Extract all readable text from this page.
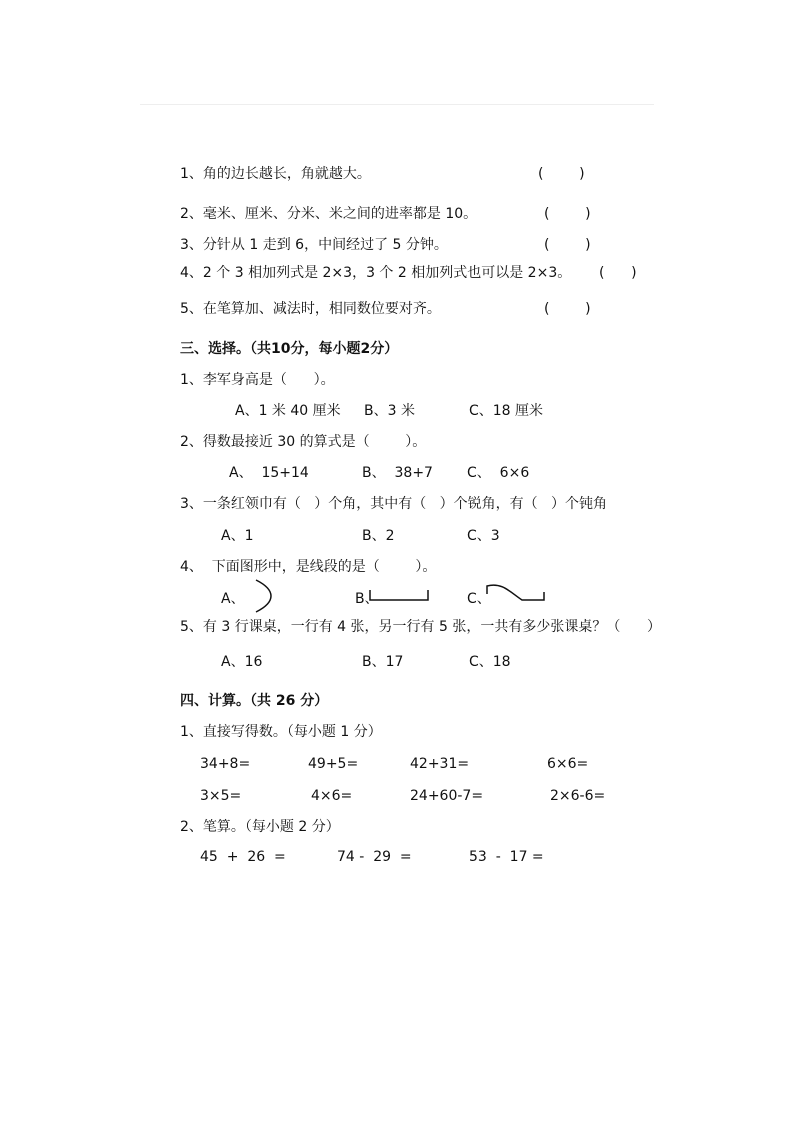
1、角的边长越长，角就越大。	(        )
2、毫米、厘米、分米、米之间的进率都是 10。	(        )
3、分针从 1 走到 6，中间经过了 5 分钟。	(        )
4、2 个 3 相加列式是 2×3，3 个 2 相加列式也可以是 2×3。 (      )
5、在笔算加、减法时，相同数位要对齐。	(        )
三、选择。（共10分，每小题2分）
1、李军身高是（      ）。
A、1 米 40 厘米 B、3 米	C、18 厘米
2、得数最接近 30 的算式是（        ）。
A、  15+14	B、  38+7 C、  6×6
3、一条红领巾有（   ）个角，其中有（   ）个锐角，有（   ）个钝角
A、1	B、2	C、3
4、  下面图形中，是线段的是（        ）。
A、	B、	C、
5、有 3 行课桌，一行有 4 张，另一行有 5 张，一共有多少张课桌？（      ）
A、16	B、17	C、18
四、计算。（共 26 分）
1、直接写得数。（每小题 1 分）
34+8=	49+5=	42+31=	6×6=
3×5=	4×6=	24+60-7=	2×6-6=
2、笔算。（每小题 2 分）
45  +  26  =	74 -  29  =	53  -  17 =
